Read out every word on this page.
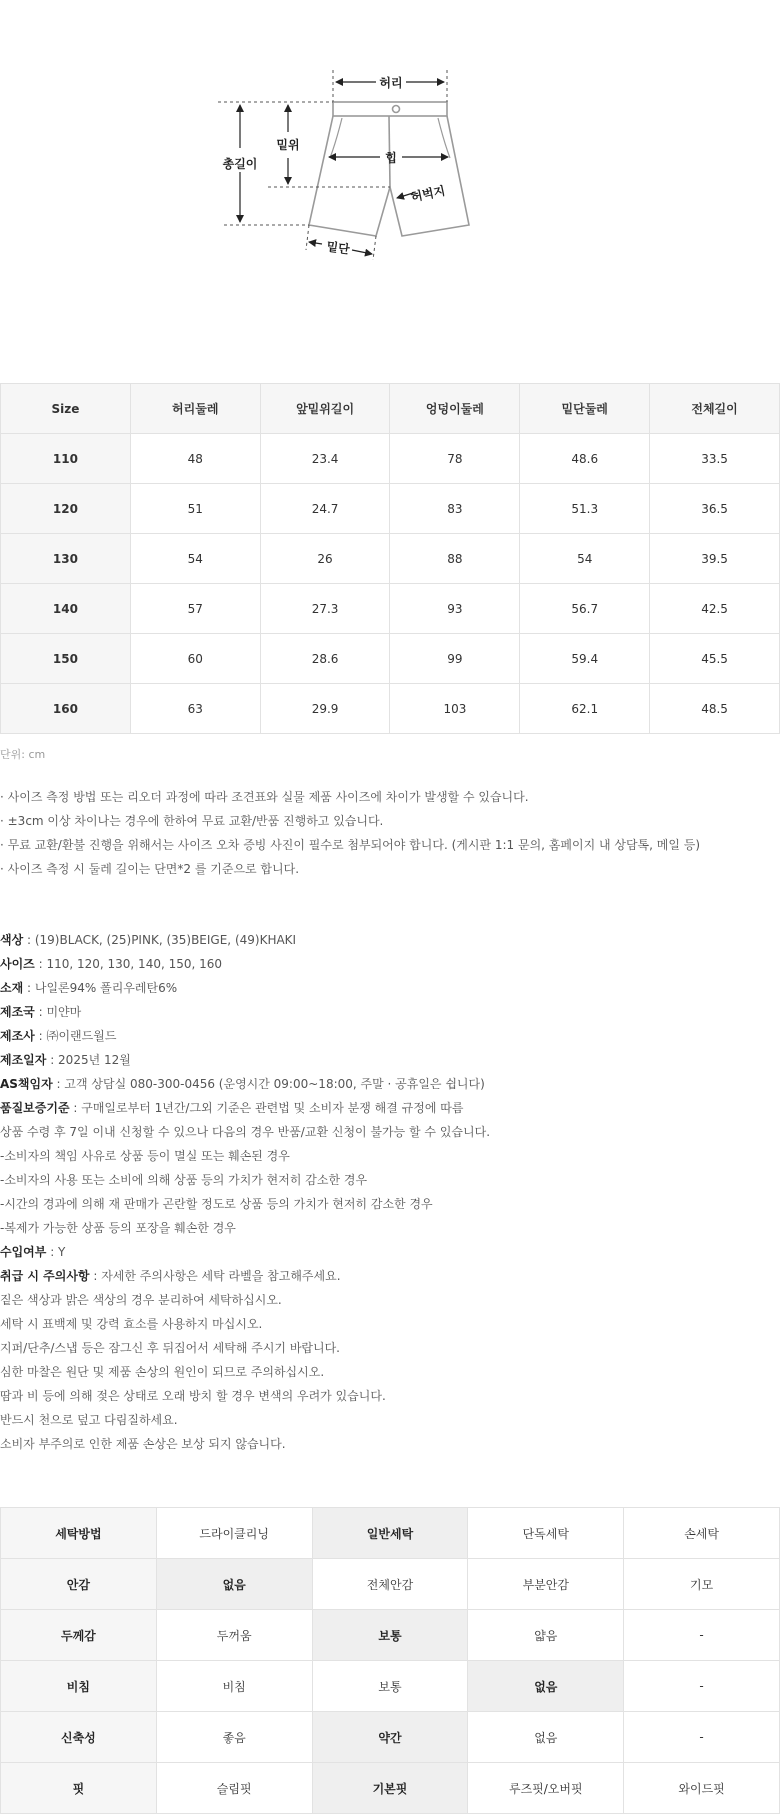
허리
총길이
밑위
힙
허벅지
밑단
Size	허리둘레	앞밑위길이	엉덩이둘레	밑단둘레	전체길이
110	48	23.4	78	48.6	33.5
120	51	24.7	83	51.3	36.5
130	54	26	88	54	39.5
140	57	27.3	93	56.7	42.5
150	60	28.6	99	59.4	45.5
160	63	29.9	103	62.1	48.5
단위: cm
· 사이즈 측정 방법 또는 리오더 과정에 따라 조견표와 실물 제품 사이즈에 차이가 발생할 수 있습니다.
· ±3cm 이상 차이나는 경우에 한하여 무료 교환/반품 진행하고 있습니다.
· 무료 교환/환불 진행을 위해서는 사이즈 오차 증빙 사진이 필수로 첨부되어야 합니다. (게시판 1:1 문의, 홈페이지 내 상담톡, 메일 등)
· 사이즈 측정 시 둘레 길이는 단면*2 를 기준으로 합니다.
색상 : (19)BLACK, (25)PINK, (35)BEIGE, (49)KHAKI
사이즈 : 110, 120, 130, 140, 150, 160
소재 : 나일론94% 폴리우레탄6%
제조국 : 미얀마
제조사 : ㈜이랜드월드
제조일자 : 2025년 12월
AS책임자 : 고객 상담실 080-300-0456 (운영시간 09:00~18:00, 주말 · 공휴일은 쉽니다)
품질보증기준 : 구매일로부터 1년간/그외 기준은 관련법 및 소비자 분쟁 해결 규정에 따름
상품 수령 후 7일 이내 신청할 수 있으나 다음의 경우 반품/교환 신청이 불가능 할 수 있습니다.
-소비자의 책임 사유로 상품 등이 멸실 또는 훼손된 경우
-소비자의 사용 또는 소비에 의해 상품 등의 가치가 현저히 감소한 경우
-시간의 경과에 의해 재 판매가 곤란할 정도로 상품 등의 가치가 현저히 감소한 경우
-복제가 가능한 상품 등의 포장을 훼손한 경우
수입여부 : Y
취급 시 주의사항 : 자세한 주의사항은 세탁 라벨을 참고해주세요.
짙은 색상과 밝은 색상의 경우 분리하여 세탁하십시오.
세탁 시 표백제 및 강력 효소를 사용하지 마십시오.
지퍼/단추/스냅 등은 잠그신 후 뒤집어서 세탁해 주시기 바랍니다.
심한 마찰은 원단 및 제품 손상의 원인이 되므로 주의하십시오.
땀과 비 등에 의해 젖은 상태로 오래 방치 할 경우 변색의 우려가 있습니다.
반드시 천으로 덮고 다림질하세요.
소비자 부주의로 인한 제품 손상은 보상 되지 않습니다.
세탁방법	드라이클리닝	일반세탁	단독세탁	손세탁
안감	없음	전체안감	부분안감	기모
두께감	두꺼움	보통	얇음	-
비침	비침	보통	없음	-
신축성	좋음	약간	없음	-
핏	슬림핏	기본핏	루즈핏/오버핏	와이드핏
